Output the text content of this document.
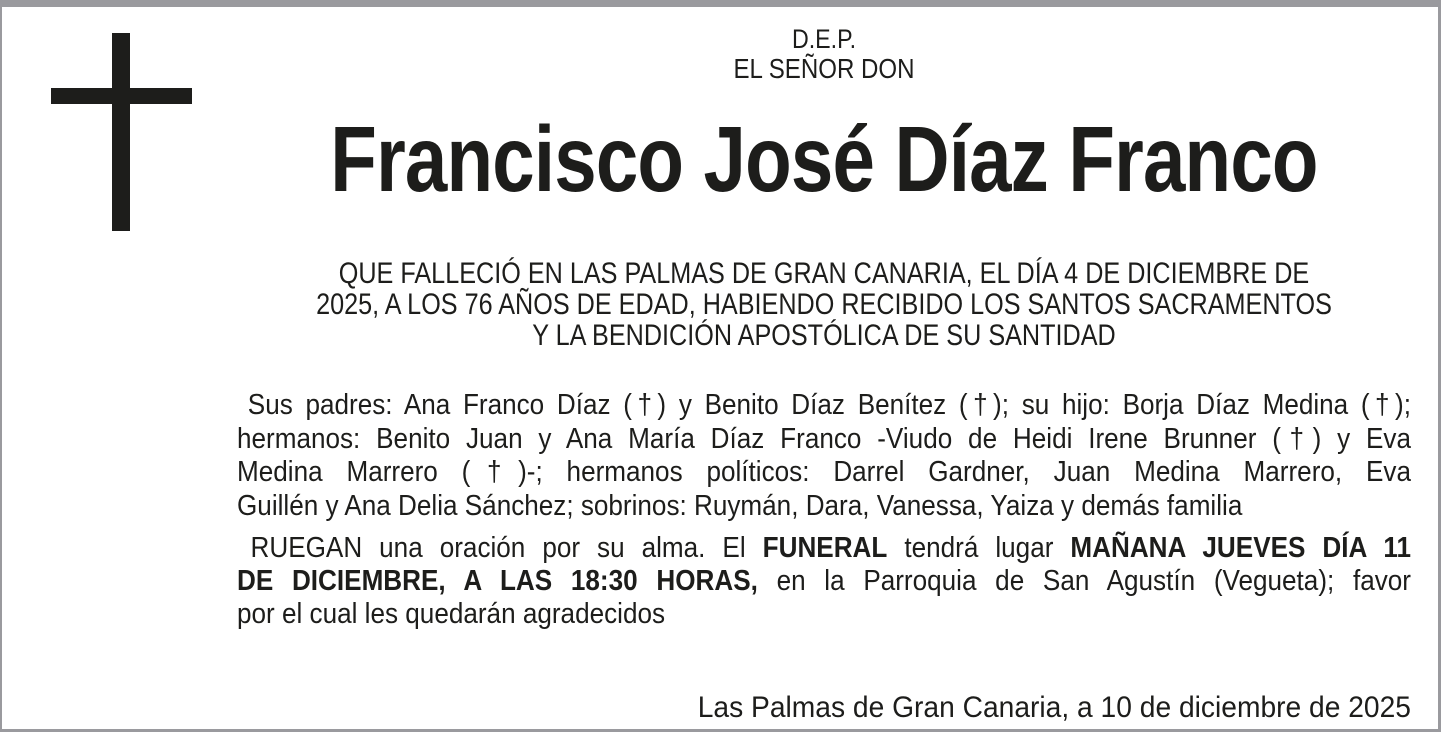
D.E.P.
EL SEÑOR DON
Francisco José Díaz Franco
QUE FALLECIÓ EN LAS PALMAS DE GRAN CANARIA, EL DÍA 4 DE DICIEMBRE DE
2025, A LOS 76 AÑOS DE EDAD, HABIENDO RECIBIDO LOS SANTOS SACRAMENTOS
Y LA BENDICIÓN APOSTÓLICA DE SU SANTIDAD
Sus padres: Ana Franco Díaz (†) y Benito Díaz Benítez (†); su hijo: Borja Díaz Medina (†);
hermanos: Benito Juan y Ana María Díaz Franco -Viudo de Heidi Irene Brunner (†) y Eva
Medina Marrero (†)-; hermanos políticos: Darrel Gardner, Juan Medina Marrero, Eva
Guillén y Ana Delia Sánchez; sobrinos: Ruymán, Dara, Vanessa, Yaiza y demás familia
RUEGAN una oración por su alma. El FUNERAL tendrá lugar MAÑANA JUEVES DÍA 11
DE DICIEMBRE, A LAS 18:30 HORAS, en la Parroquia de San Agustín (Vegueta); favor
por el cual les quedarán agradecidos
Las Palmas de Gran Canaria, a 10 de diciembre de 2025
